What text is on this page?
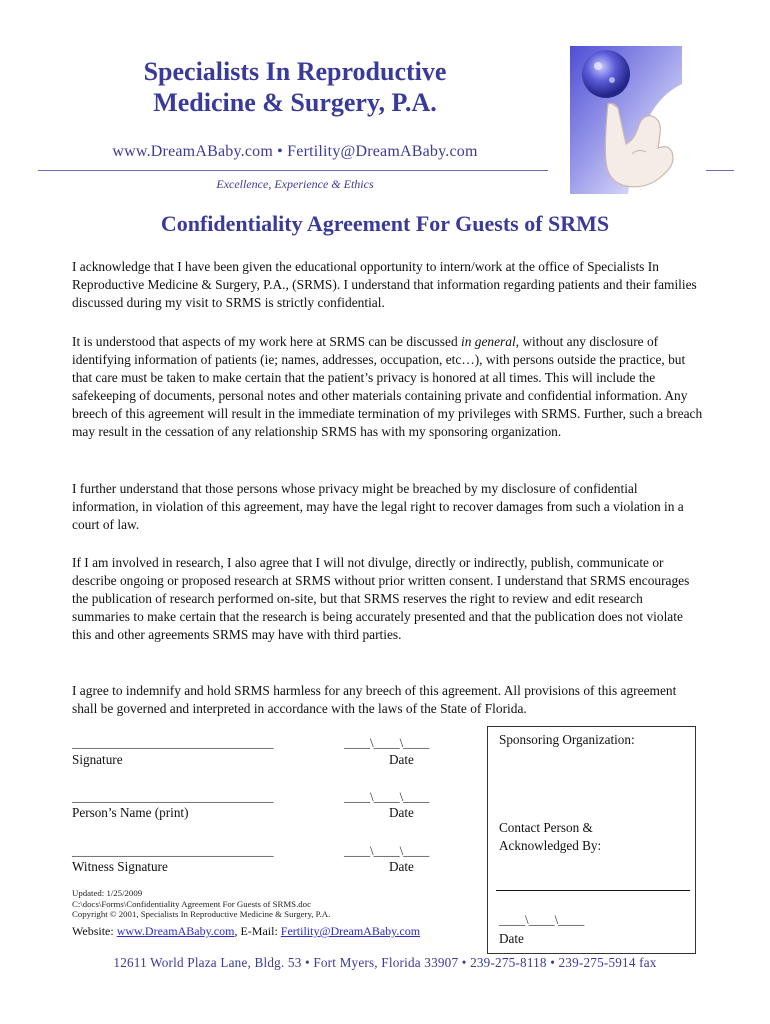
Specialists In Reproductive
Medicine & Surgery, P.A.
www.DreamABaby.com • Fertility@DreamABaby.com
Excellence, Experience & Ethics
Confidentiality Agreement For Guests of SRMS

I acknowledge that I have been given the educational opportunity to intern/work at the office of Specialists In Reproductive Medicine & Surgery, P.A., (SRMS). I understand that information regarding patients and their families discussed during my visit to SRMS is strictly confidential.

It is understood that aspects of my work here at SRMS can be discussed in general, without any disclosure of identifying information of patients (ie; names, addresses, occupation, etc…), with persons outside the practice, but that care must be taken to make certain that the patient’s privacy is honored at all times. This will include the safekeeping of documents, personal notes and other materials containing private and confidential information. Any breech of this agreement will result in the immediate termination of my privileges with SRMS. Further, such a breach may result in the cessation of any relationship SRMS has with my sponsoring organization.

I further understand that those persons whose privacy might be breached by my disclosure of confidential information, in violation of this agreement, may have the legal right to recover damages from such a violation in a court of law.

If I am involved in research, I also agree that I will not divulge, directly or indirectly, publish, communicate or describe ongoing or proposed research at SRMS without prior written consent. I understand that SRMS encourages the publication of research performed on-site, but that SRMS reserves the right to review and edit research summaries to make certain that the research is being accurately presented and that the publication does not violate this and other agreements SRMS may have with third parties.

I agree to indemnify and hold SRMS harmless for any breech of this agreement. All provisions of this agreement shall be governed and interpreted in accordance with the laws of the State of Florida.

_______________________________	____\____\____
Signature	Date
_______________________________	____\____\____
Person’s Name (print)	Date
_______________________________	____\____\____
Witness Signature	Date
Sponsoring Organization:
Contact Person &
Acknowledged By:
____\____\____
Date
Updated: 1/25/2009
C:\docs\Forms\Confidentiality Agreement For Guests of SRMS.doc
Copyright © 2001, Specialists In Reproductive Medicine & Surgery, P.A.
Website: www.DreamABaby.com, E-Mail: Fertility@DreamABaby.com
12611 World Plaza Lane, Bldg. 53 • Fort Myers, Florida 33907 • 239-275-8118 • 239-275-5914 fax
